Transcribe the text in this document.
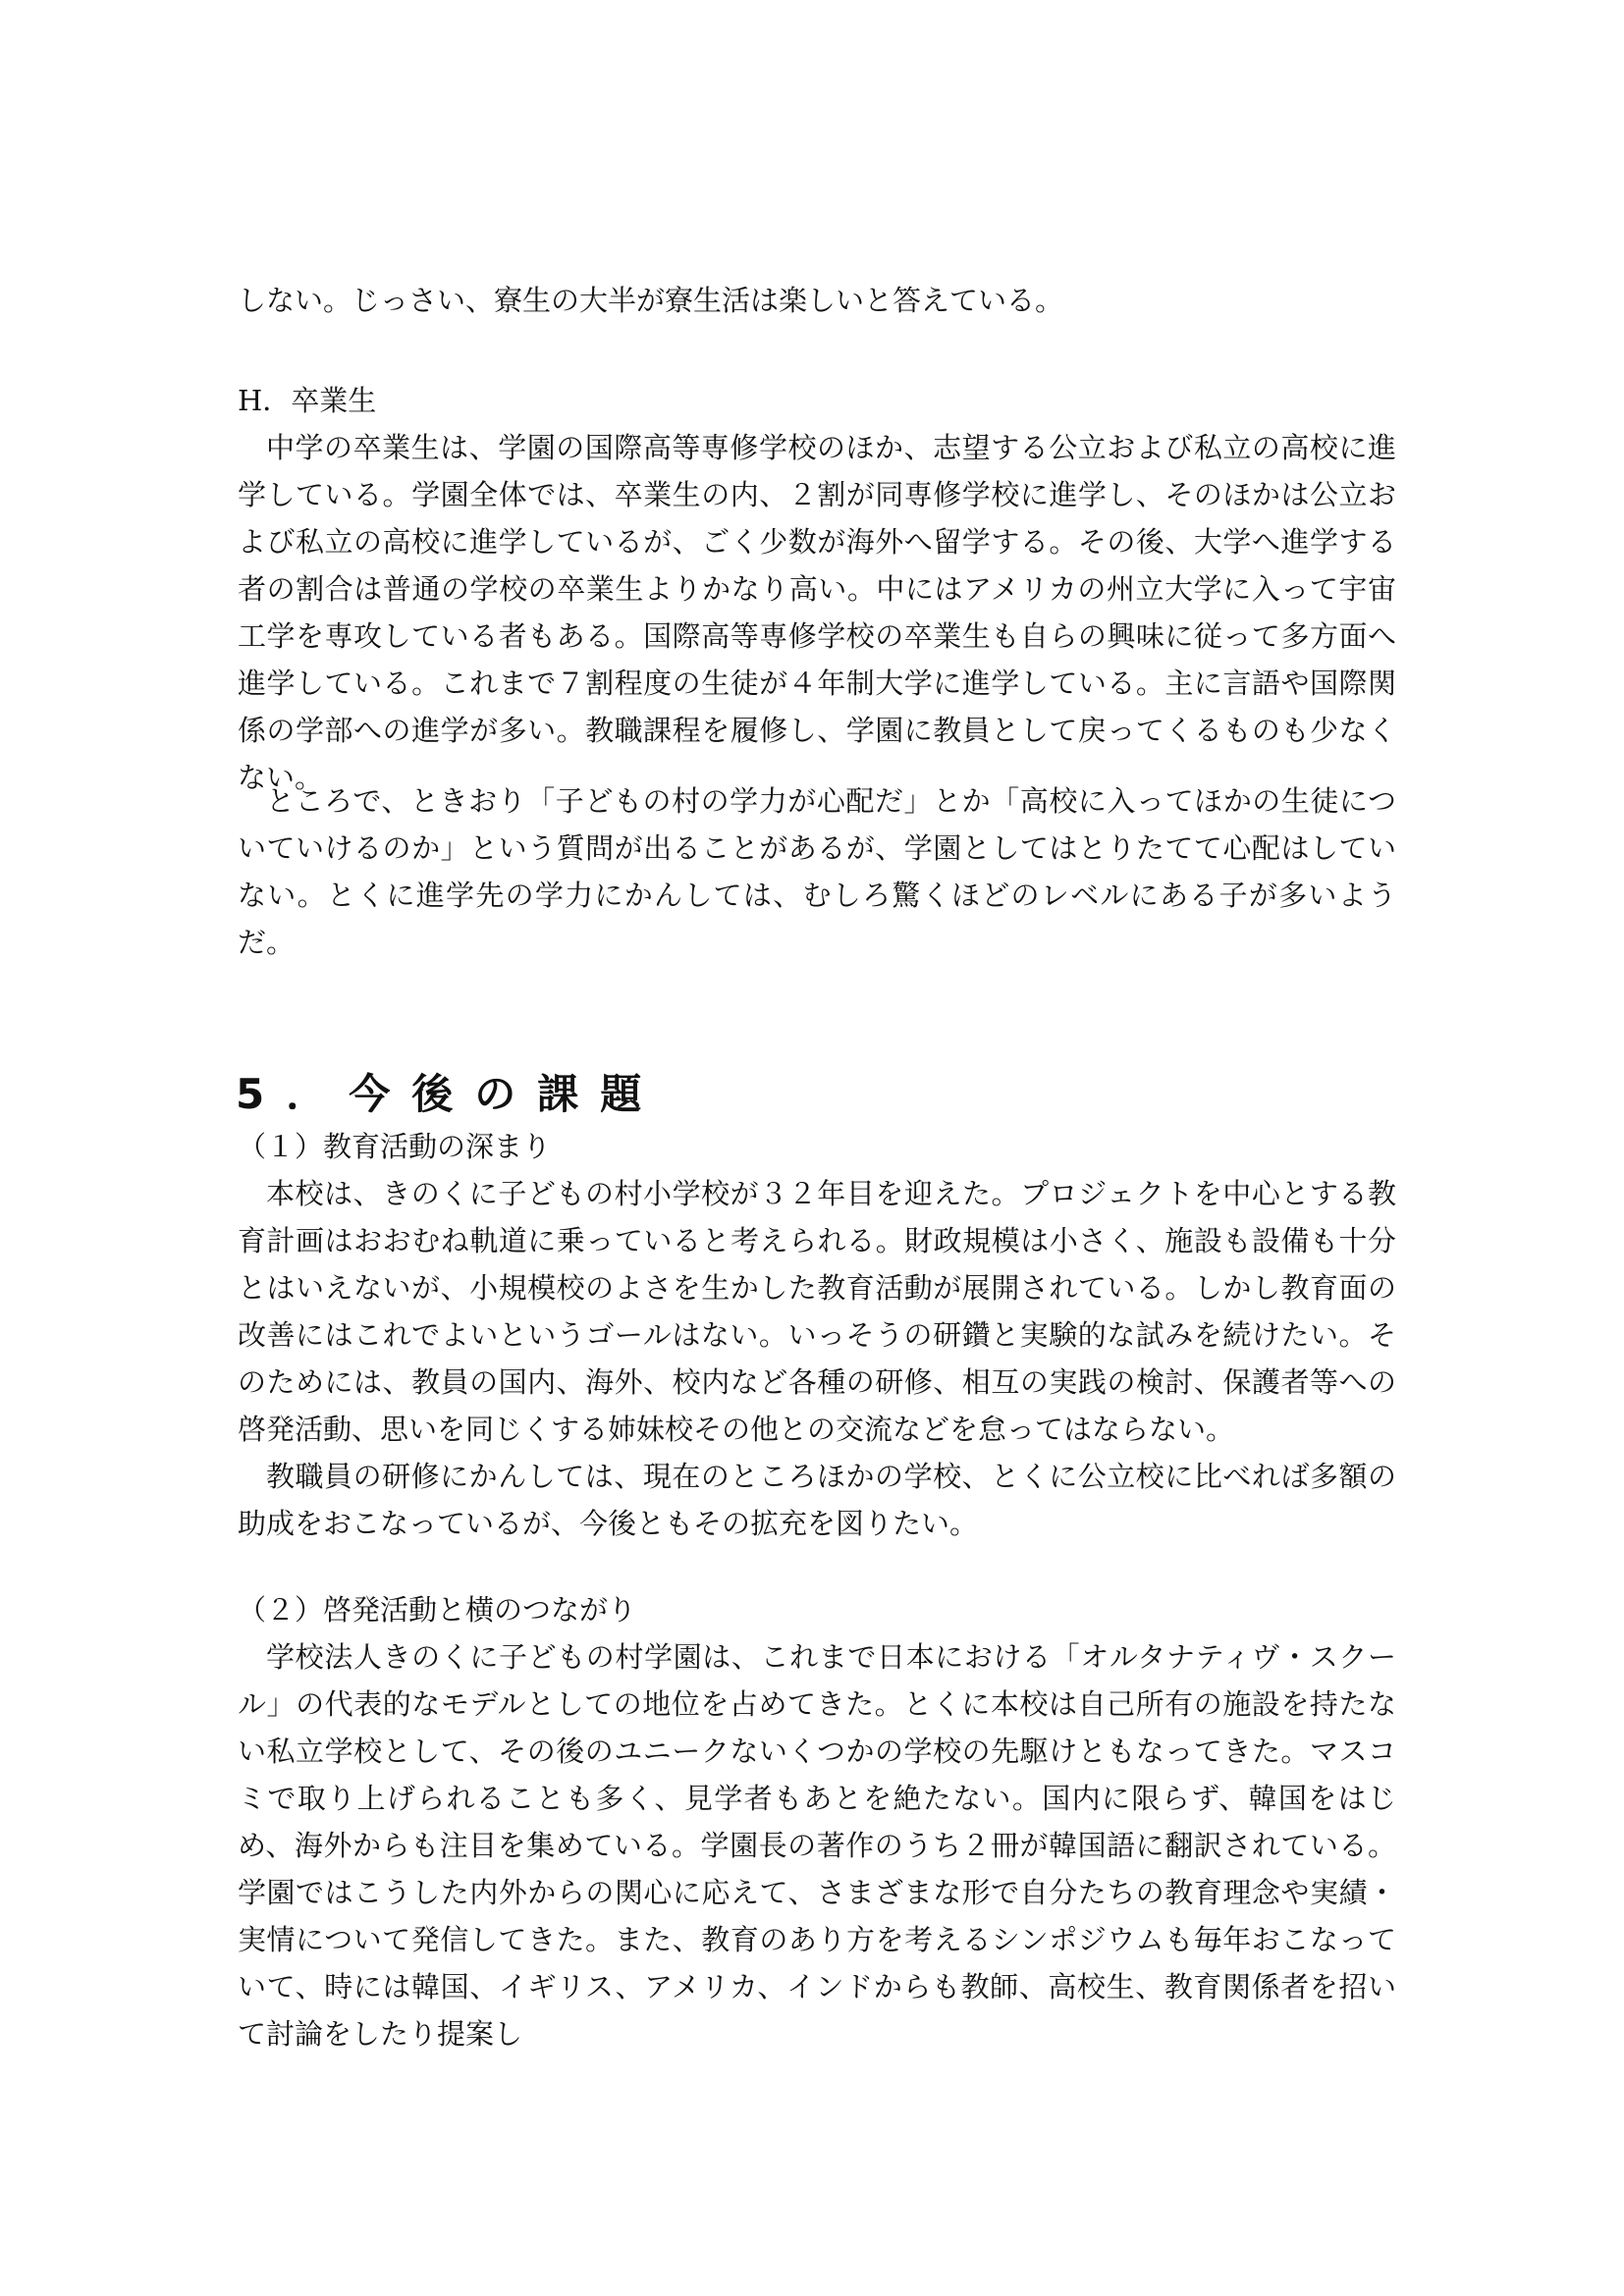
しない。じっさい、寮生の大半が寮生活は楽しいと答えている。

H．卒業生

中学の卒業生は、学園の国際高等専修学校のほか、志望する公立および私立の高校に進学している。学園全体では、卒業生の内、２割が同専修学校に進学し、そのほかは公立および私立の高校に進学しているが、ごく少数が海外へ留学する。その後、大学へ進学する者の割合は普通の学校の卒業生よりかなり高い。中にはアメリカの州立大学に入って宇宙工学を専攻している者もある。国際高等専修学校の卒業生も自らの興味に従って多方面へ進学している。これまで７割程度の生徒が４年制大学に進学している。主に言語や国際関係の学部への進学が多い。教職課程を履修し、学園に教員として戻ってくるものも少なくない。

ところで、ときおり「子どもの村の学力が心配だ」とか「高校に入ってほかの生徒についていけるのか」という質問が出ることがあるが、学園としてはとりたてて心配はしていない。とくに進学先の学力にかんしては、むしろ驚くほどのレベルにある子が多いようだ。

5．今後の課題

（１）教育活動の深まり

本校は、きのくに子どもの村小学校が３２年目を迎えた。プロジェクトを中心とする教育計画はおおむね軌道に乗っていると考えられる。財政規模は小さく、施設も設備も十分とはいえないが、小規模校のよさを生かした教育活動が展開されている。しかし教育面の改善にはこれでよいというゴールはない。いっそうの研鑽と実験的な試みを続けたい。そのためには、教員の国内、海外、校内など各種の研修、相互の実践の検討、保護者等への啓発活動、思いを同じくする姉妹校その他との交流などを怠ってはならない。

教職員の研修にかんしては、現在のところほかの学校、とくに公立校に比べれば多額の助成をおこなっているが、今後ともその拡充を図りたい。

（２）啓発活動と横のつながり

学校法人きのくに子どもの村学園は、これまで日本における「オルタナティヴ・スクール」の代表的なモデルとしての地位を占めてきた。とくに本校は自己所有の施設を持たない私立学校として、その後のユニークないくつかの学校の先駆けともなってきた。マスコミで取り上げられることも多く、見学者もあとを絶たない。国内に限らず、韓国をはじめ、海外からも注目を集めている。学園長の著作のうち２冊が韓国語に翻訳されている。学園ではこうした内外からの関心に応えて、さまざまな形で自分たちの教育理念や実績・実情について発信してきた。また、教育のあり方を考えるシンポジウムも毎年おこなっていて、時には韓国、イギリス、アメリカ、インドからも教師、高校生、教育関係者を招いて討論をしたり提案し
